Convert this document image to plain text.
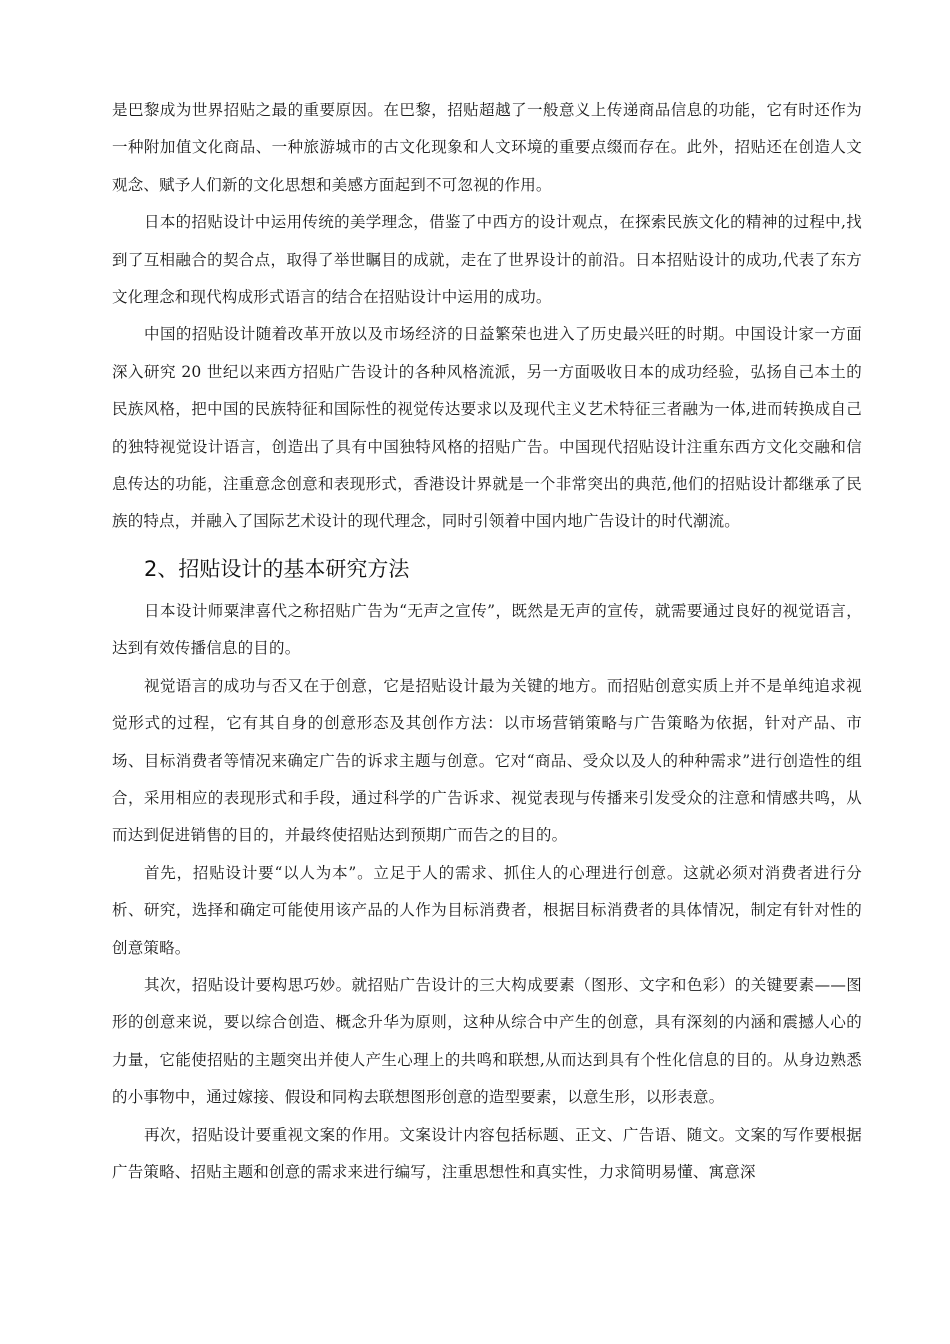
是巴黎成为世界招贴之最的重要原因。在巴黎，招贴超越了一般意义上传递商品信息的功能，它有时还作为一种附加值文化商品、一种旅游城市的古文化现象和人文环境的重要点缀而存在。此外，招贴还在创造人文观念、赋予人们新的文化思想和美感方面起到不可忽视的作用。

日本的招贴设计中运用传统的美学理念，借鉴了中西方的设计观点，在探索民族文化的精神的过程中,找到了互相融合的契合点，取得了举世瞩目的成就，走在了世界设计的前沿。日本招贴设计的成功,代表了东方文化理念和现代构成形式语言的结合在招贴设计中运用的成功。

中国的招贴设计随着改革开放以及市场经济的日益繁荣也进入了历史最兴旺的时期。中国设计家一方面深入研究 20 世纪以来西方招贴广告设计的各种风格流派，另一方面吸收日本的成功经验，弘扬自己本土的民族风格，把中国的民族特征和国际性的视觉传达要求以及现代主义艺术特征三者融为一体,进而转换成自己的独特视觉设计语言，创造出了具有中国独特风格的招贴广告。中国现代招贴设计注重东西方文化交融和信息传达的功能，注重意念创意和表现形式，香港设计界就是一个非常突出的典范,他们的招贴设计都继承了民族的特点，并融入了国际艺术设计的现代理念，同时引领着中国内地广告设计的时代潮流。

2、招贴设计的基本研究方法

日本设计师粟津喜代之称招贴广告为“无声之宣传”，既然是无声的宣传，就需要通过良好的视觉语言，达到有效传播信息的目的。

视觉语言的成功与否又在于创意，它是招贴设计最为关键的地方。而招贴创意实质上并不是单纯追求视觉形式的过程，它有其自身的创意形态及其创作方法：以市场营销策略与广告策略为依据，针对产品、市场、目标消费者等情况来确定广告的诉求主题与创意。它对“商品、受众以及人的种种需求”进行创造性的组合，采用相应的表现形式和手段，通过科学的广告诉求、视觉表现与传播来引发受众的注意和情感共鸣，从而达到促进销售的目的，并最终使招贴达到预期广而告之的目的。

首先，招贴设计要“以人为本”。立足于人的需求、抓住人的心理进行创意。这就必须对消费者进行分析、研究，选择和确定可能使用该产品的人作为目标消费者，根据目标消费者的具体情况，制定有针对性的创意策略。

其次，招贴设计要构思巧妙。就招贴广告设计的三大构成要素（图形、文字和色彩）的关键要素——图形的创意来说，要以综合创造、概念升华为原则，这种从综合中产生的创意，具有深刻的内涵和震撼人心的力量，它能使招贴的主题突出并使人产生心理上的共鸣和联想,从而达到具有个性化信息的目的。从身边熟悉的小事物中，通过嫁接、假设和同构去联想图形创意的造型要素，以意生形，以形表意。

再次，招贴设计要重视文案的作用。文案设计内容包括标题、正文、广告语、随文。文案的写作要根据广告策略、招贴主题和创意的需求来进行编写，注重思想性和真实性，力求简明易懂、寓意深
